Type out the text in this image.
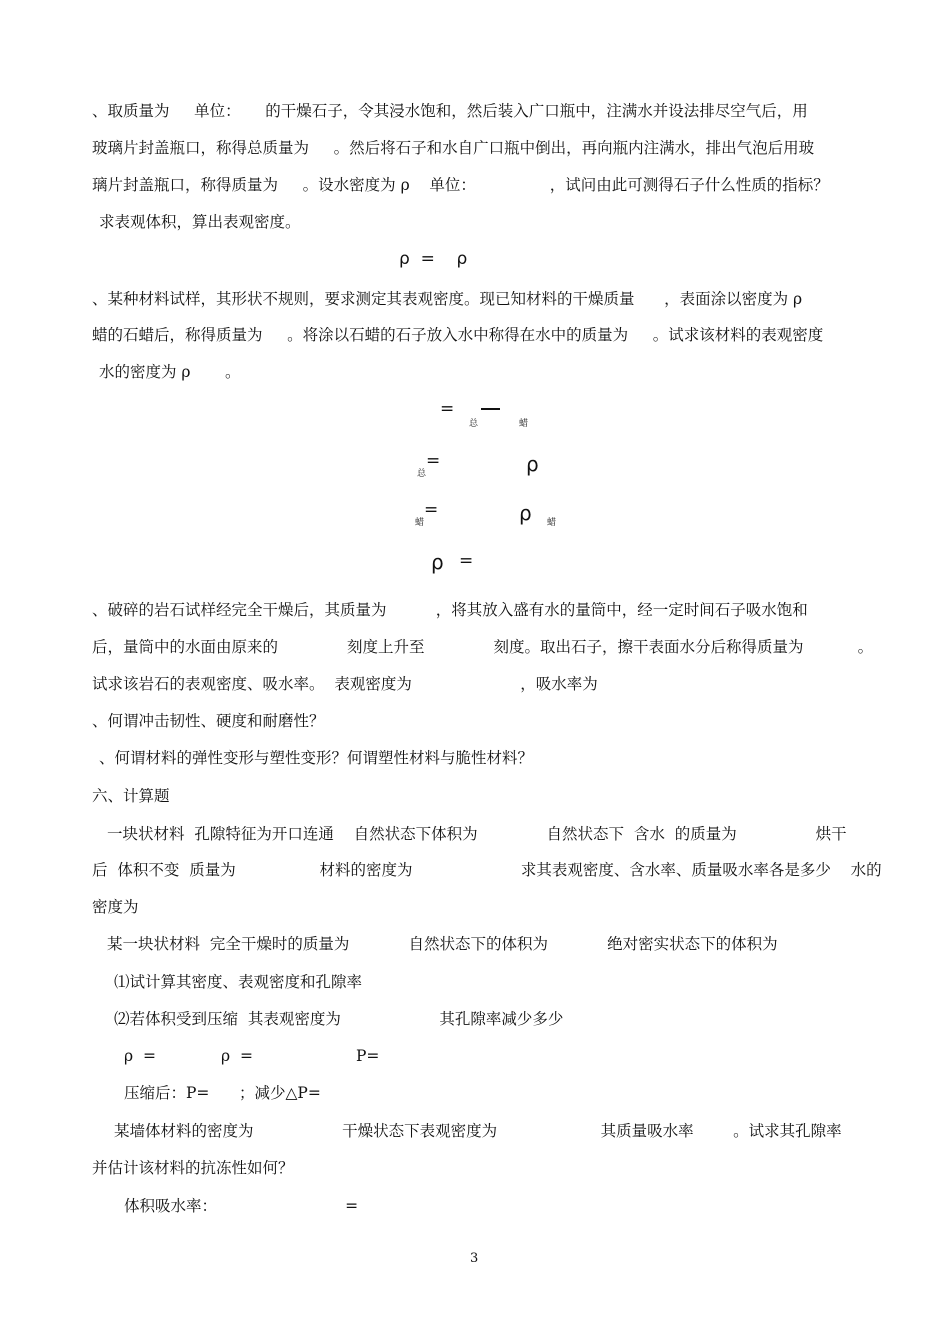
、取质量为     单位：     的干燥石子，令其浸水饱和，然后装入广口瓶中，注满水并设法排尽空气后，用
玻璃片封盖瓶口，称得总质量为     。然后将石子和水自广口瓶中倒出，再向瓶内注满水，排出气泡后用玻
璃片封盖瓶口，称得质量为     。设水密度为 ρ    单位：               ，试问由此可测得石子什么性质的指标？
求表观体积，算出表观密度。
ρ  =    ρ
、某种材料试样，其形状不规则，要求测定其表观密度。现已知材料的干燥质量      ，表面涂以密度为 ρ
蜡的石蜡后，称得质量为     。将涂以石蜡的石子放入水中称得在水中的质量为     。试求该材料的表观密度
水的密度为 ρ       。
=
总	蜡
=
总	ρ
=
蜡	ρ 蜡
ρ =
、破碎的岩石试样经完全干燥后，其质量为          ，将其放入盛有水的量筒中，经一定时间石子吸水饱和
后，量筒中的水面由原来的              刻度上升至              刻度。取出石子，擦干表面水分后称得质量为           。
试求该岩石的表观密度、吸水率。  表观密度为                      ，吸水率为
、何谓冲击韧性、硬度和耐磨性？
、何谓材料的弹性变形与塑性变形？何谓塑性材料与脆性材料？
六、计算题
一块状材料  孔隙特征为开口连通    自然状态下体积为              自然状态下  含水  的质量为                烘干
后  体积不变  质量为                 材料的密度为                      求其表观密度、含水率、质量吸水率各是多少    水的
密度为
某一块状材料  完全干燥时的质量为            自然状态下的体积为            绝对密实状态下的体积为
⑴试计算其密度、表观密度和孔隙率
⑵若体积受到压缩  其表观密度为                    其孔隙率减少多少
ρ  =	ρ  =	P=
压缩后：P=      ；减少△P=
某墙体材料的密度为                  干燥状态下表观密度为                     其质量吸水率        。试求其孔隙率
并估计该材料的抗冻性如何？
体积吸水率：                          =
3
